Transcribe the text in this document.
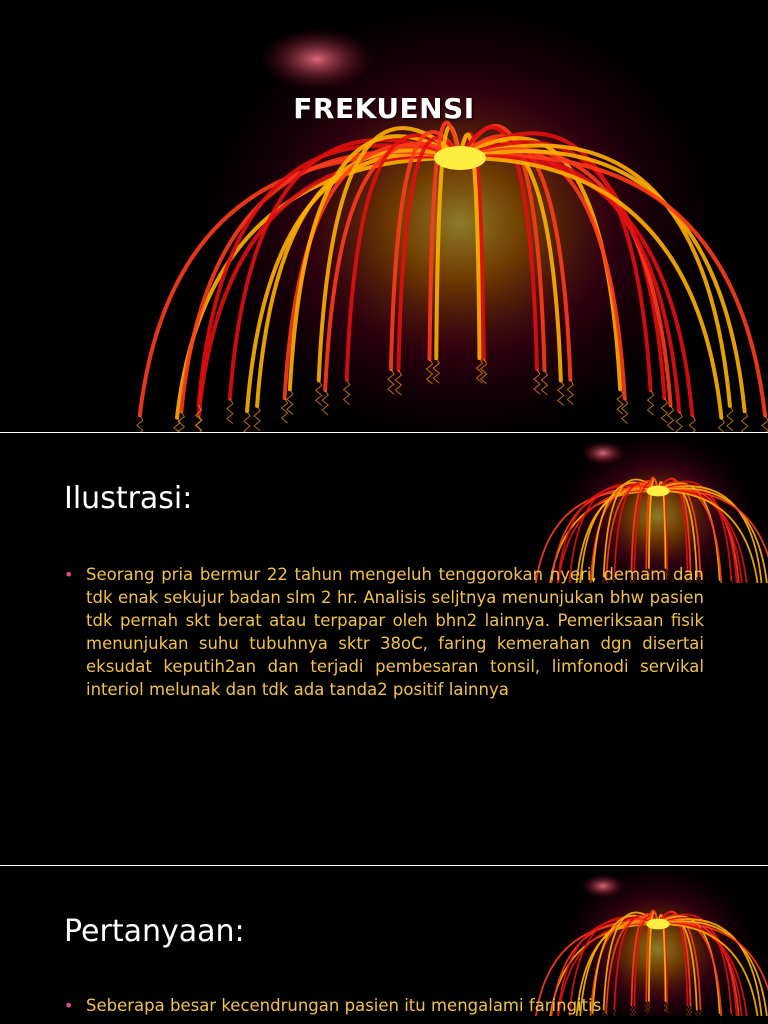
FREKUENSI
Ilustrasi:
• Seorang pria bermur 22 tahun mengeluh tenggorokan nyeri, demam dan tdk enak sekujur badan slm 2 hr. Analisis seljtnya menunjukan bhw pasien tdk pernah skt berat atau terpapar oleh bhn2 lainnya. Pemeriksaan fisik menunjukan suhu tubuhnya sktr 38oC, faring kemerahan dgn disertai eksudat keputih2an dan terjadi pembesaran tonsil, limfonodi servikal interiol melunak dan tdk ada tanda2 positif lainnya
Pertanyaan:
• Seberapa besar kecendrungan pasien itu mengalami faringitis
